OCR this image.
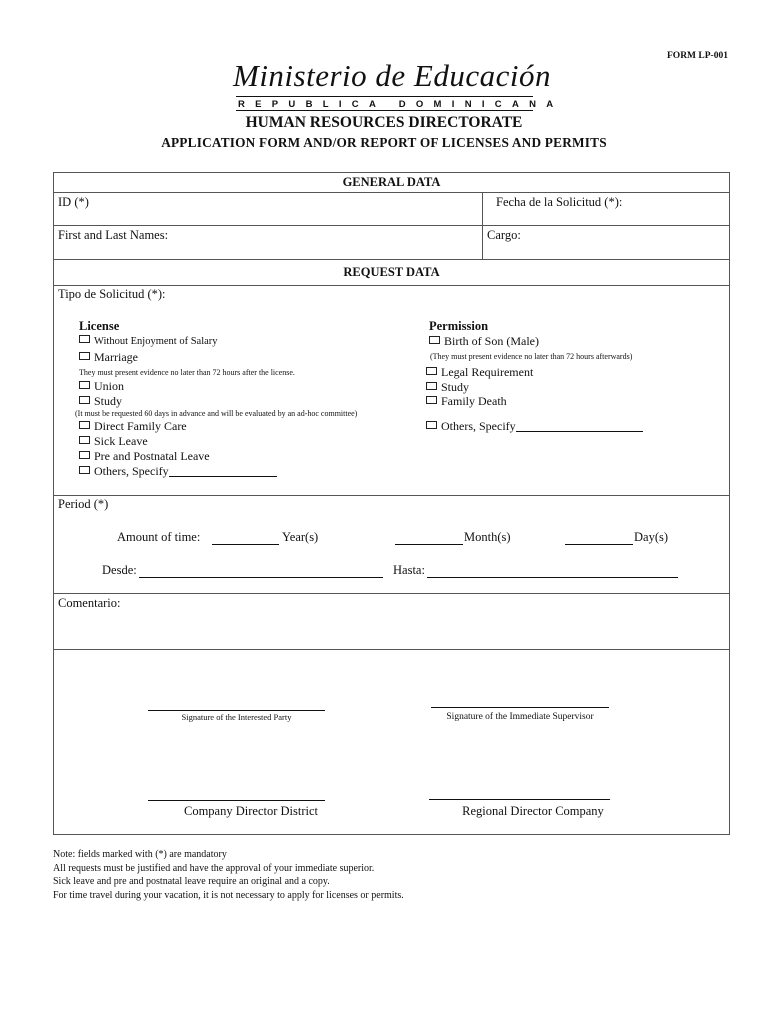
FORM LP-001
Ministerio de Educación
REPUBLICA DOMINICANA
HUMAN RESOURCES DIRECTORATE
APPLICATION FORM AND/OR REPORT OF LICENSES AND PERMITS
GENERAL DATA
ID (*)	Fecha de la Solicitud (*):
First and Last Names:	Cargo:
REQUEST DATA
Tipo de Solicitud (*):
License
Without Enjoyment of Salary
Marriage
They must present evidence no later than 72 hours after the license.
Union
Study
(It must be requested 60 days in advance and will be evaluated by an ad-hoc committee)
Direct Family Care
Sick Leave
Pre and Postnatal Leave
Others, Specify
Permission
Birth of Son (Male)
(They must present evidence no later than 72 hours afterwards)
Legal Requirement
Study
Family Death
Others, Specify
Period (*)
Amount of time:	Year(s)	Month(s)	Day(s)
Desde:	Hasta:
Comentario:
Signature of the Interested Party	Signature of the Immediate Supervisor
Company Director District	Regional Director Company
Note: fields marked with (*) are mandatory
All requests must be justified and have the approval of your immediate superior.
Sick leave and pre and postnatal leave require an original and a copy.
For time travel during your vacation, it is not necessary to apply for licenses or permits.
